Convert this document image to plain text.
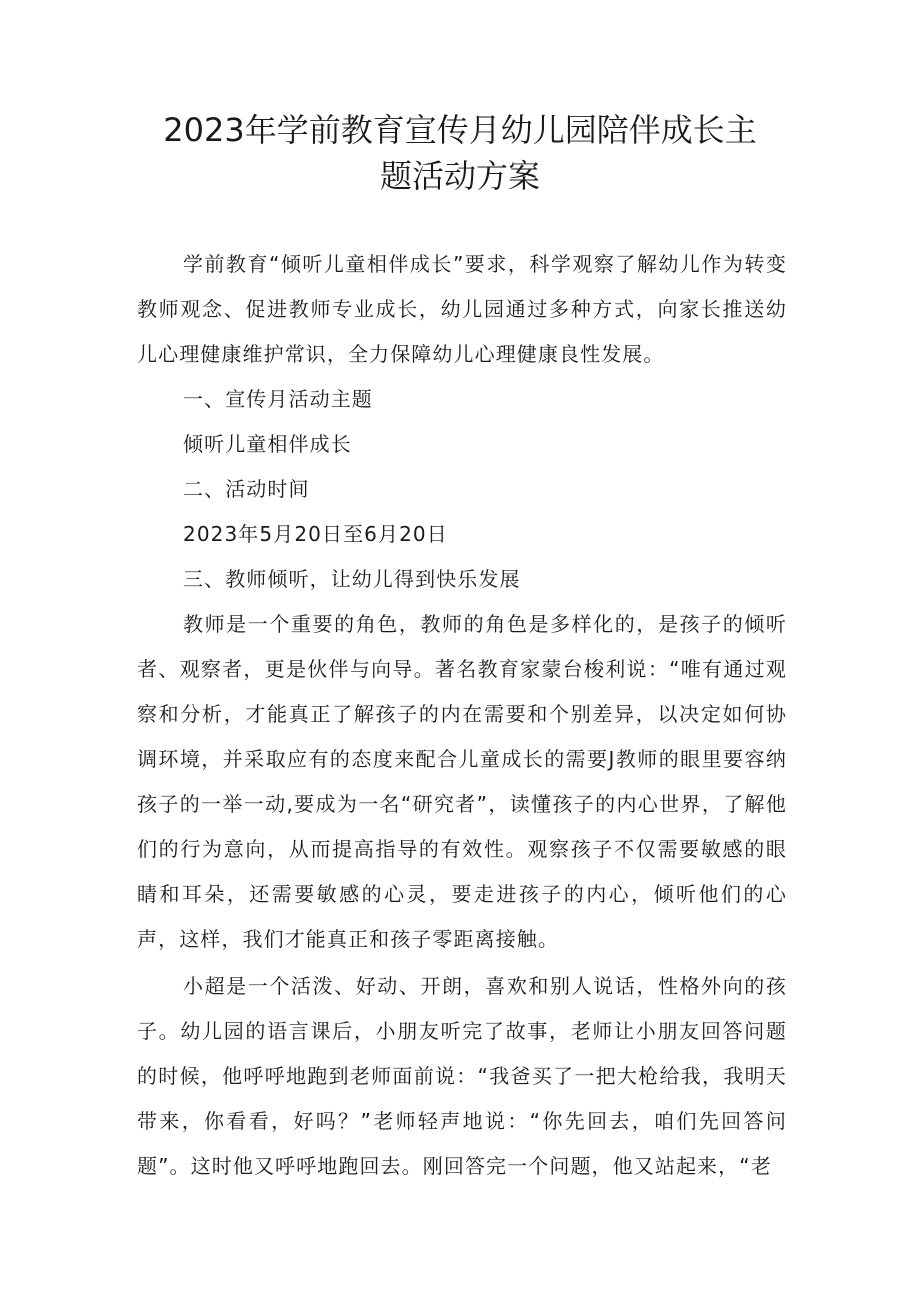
2023年学前教育宣传月幼儿园陪伴成长主
题活动方案

学前教育“倾听儿童相伴成长”要求，科学观察了解幼儿作为转变教师观念、促进教师专业成长，幼儿园通过多种方式，向家长推送幼儿心理健康维护常识，全力保障幼儿心理健康良性发展。

一、宣传月活动主题

倾听儿童相伴成长

二、活动时间

2023年5月20日至6月20日

三、教师倾听，让幼儿得到快乐发展

教师是一个重要的角色，教师的角色是多样化的，是孩子的倾听者、观察者，更是伙伴与向导。著名教育家蒙台梭利说：“唯有通过观察和分析，才能真正了解孩子的内在需要和个别差异，以决定如何协调环境，并采取应有的态度来配合儿童成长的需要J教师的眼里要容纳孩子的一举一动,要成为一名“研究者”，读懂孩子的内心世界，了解他们的行为意向，从而提高指导的有效性。观察孩子不仅需要敏感的眼睛和耳朵，还需要敏感的心灵，要走进孩子的内心，倾听他们的心声，这样，我们才能真正和孩子零距离接触。

小超是一个活泼、好动、开朗，喜欢和别人说话，性格外向的孩子。幼儿园的语言课后，小朋友听完了故事，老师让小朋友回答问题的时候，他呼呼地跑到老师面前说：“我爸买了一把大枪给我，我明天带来，你看看，好吗？”老师轻声地说：“你先回去，咱们先回答问题”。这时他又呼呼地跑回去。刚回答完一个问题，他又站起来，“老
